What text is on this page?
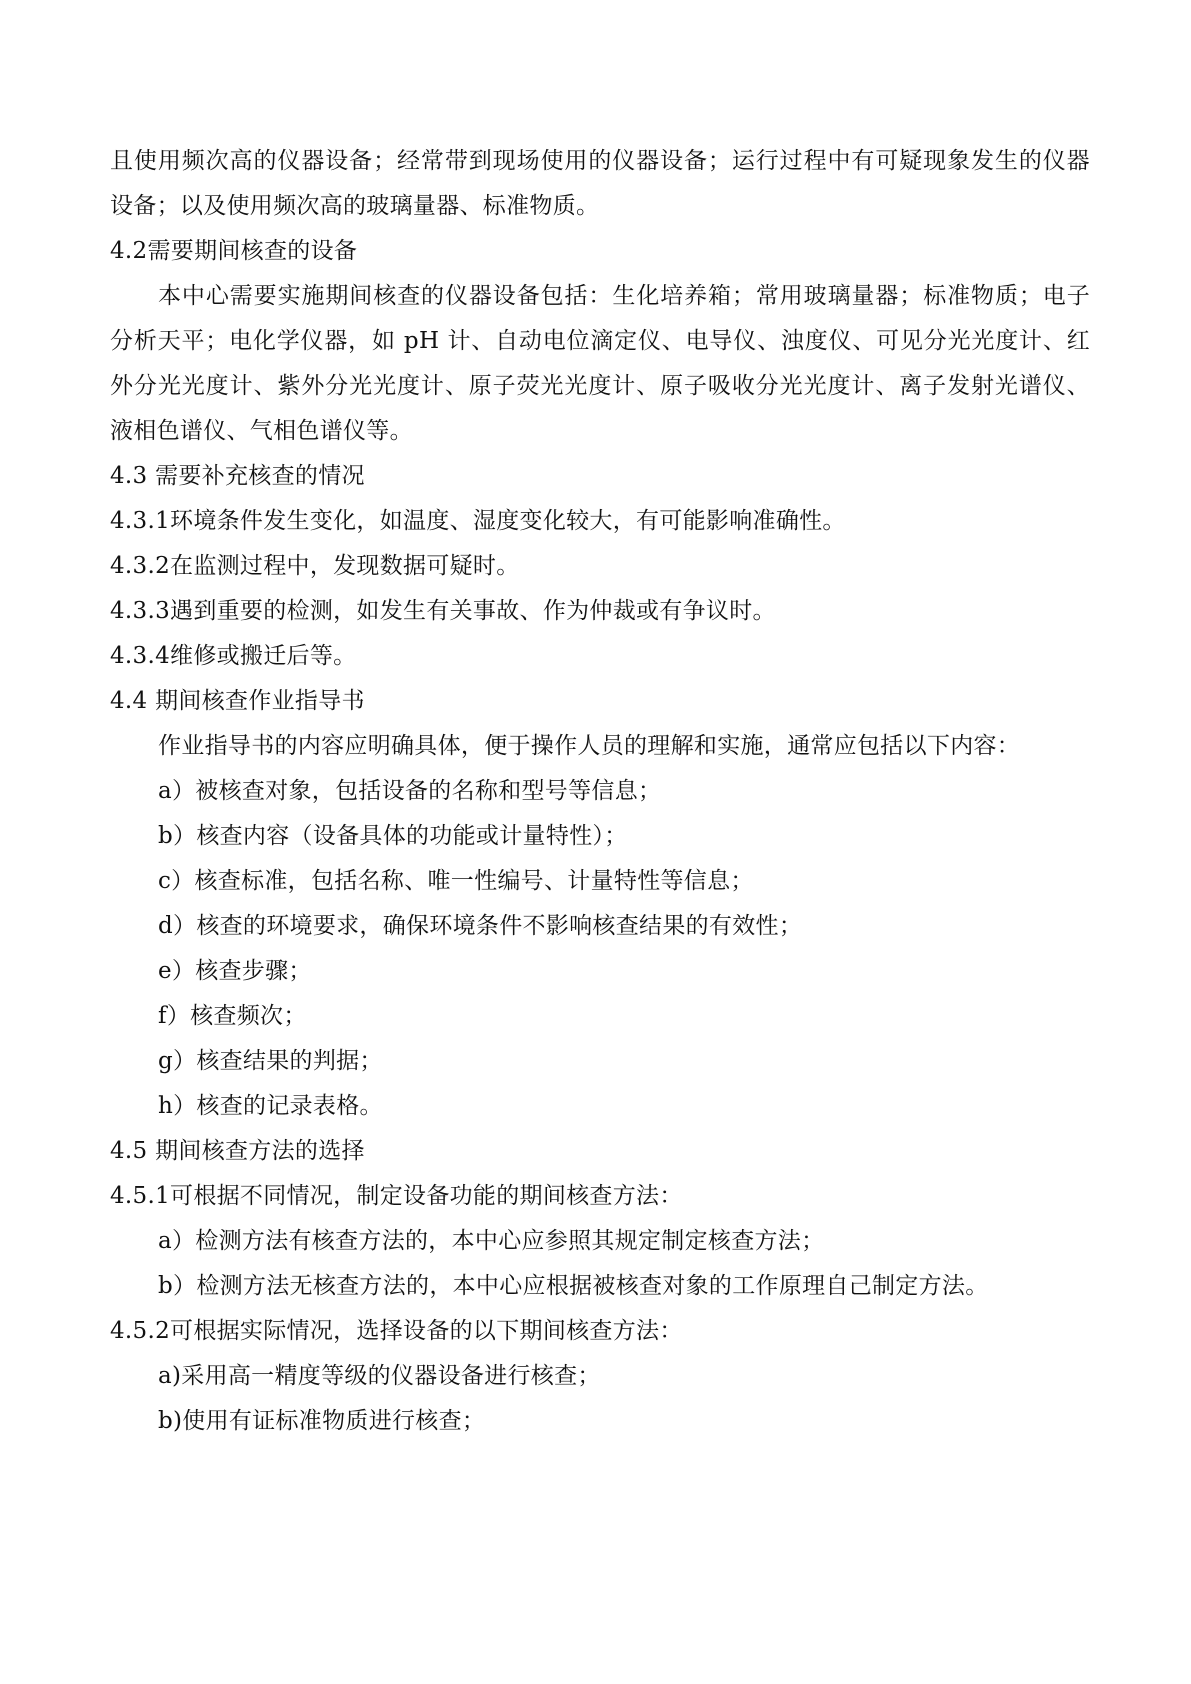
且使用频次高的仪器设备；经常带到现场使用的仪器设备；运行过程中有可疑现象发生的仪器
设备；以及使用频次高的玻璃量器、标准物质。
4.2需要期间核查的设备
本中心需要实施期间核查的仪器设备包括：生化培养箱；常用玻璃量器；标准物质；电子
分析天平；电化学仪器，如 pH 计、自动电位滴定仪、电导仪、浊度仪、可见分光光度计、红
外分光光度计、紫外分光光度计、原子荧光光度计、原子吸收分光光度计、离子发射光谱仪、
液相色谱仪、气相色谱仪等。
4.3 需要补充核查的情况
4.3.1环境条件发生变化，如温度、湿度变化较大，有可能影响准确性。
4.3.2在监测过程中，发现数据可疑时。
4.3.3遇到重要的检测，如发生有关事故、作为仲裁或有争议时。
4.3.4维修或搬迁后等。
4.4 期间核查作业指导书
作业指导书的内容应明确具体，便于操作人员的理解和实施，通常应包括以下内容：
a）被核查对象，包括设备的名称和型号等信息；
b）核查内容（设备具体的功能或计量特性）；
c）核查标准，包括名称、唯一性编号、计量特性等信息；
d）核查的环境要求，确保环境条件不影响核查结果的有效性；
e）核查步骤；
f）核查频次；
g）核查结果的判据；
h）核查的记录表格。
4.5 期间核查方法的选择
4.5.1可根据不同情况，制定设备功能的期间核查方法：
a）检测方法有核查方法的，本中心应参照其规定制定核查方法；
b）检测方法无核查方法的，本中心应根据被核查对象的工作原理自己制定方法。
4.5.2可根据实际情况，选择设备的以下期间核查方法：
a)采用高一精度等级的仪器设备进行核查；
b)使用有证标准物质进行核查；
